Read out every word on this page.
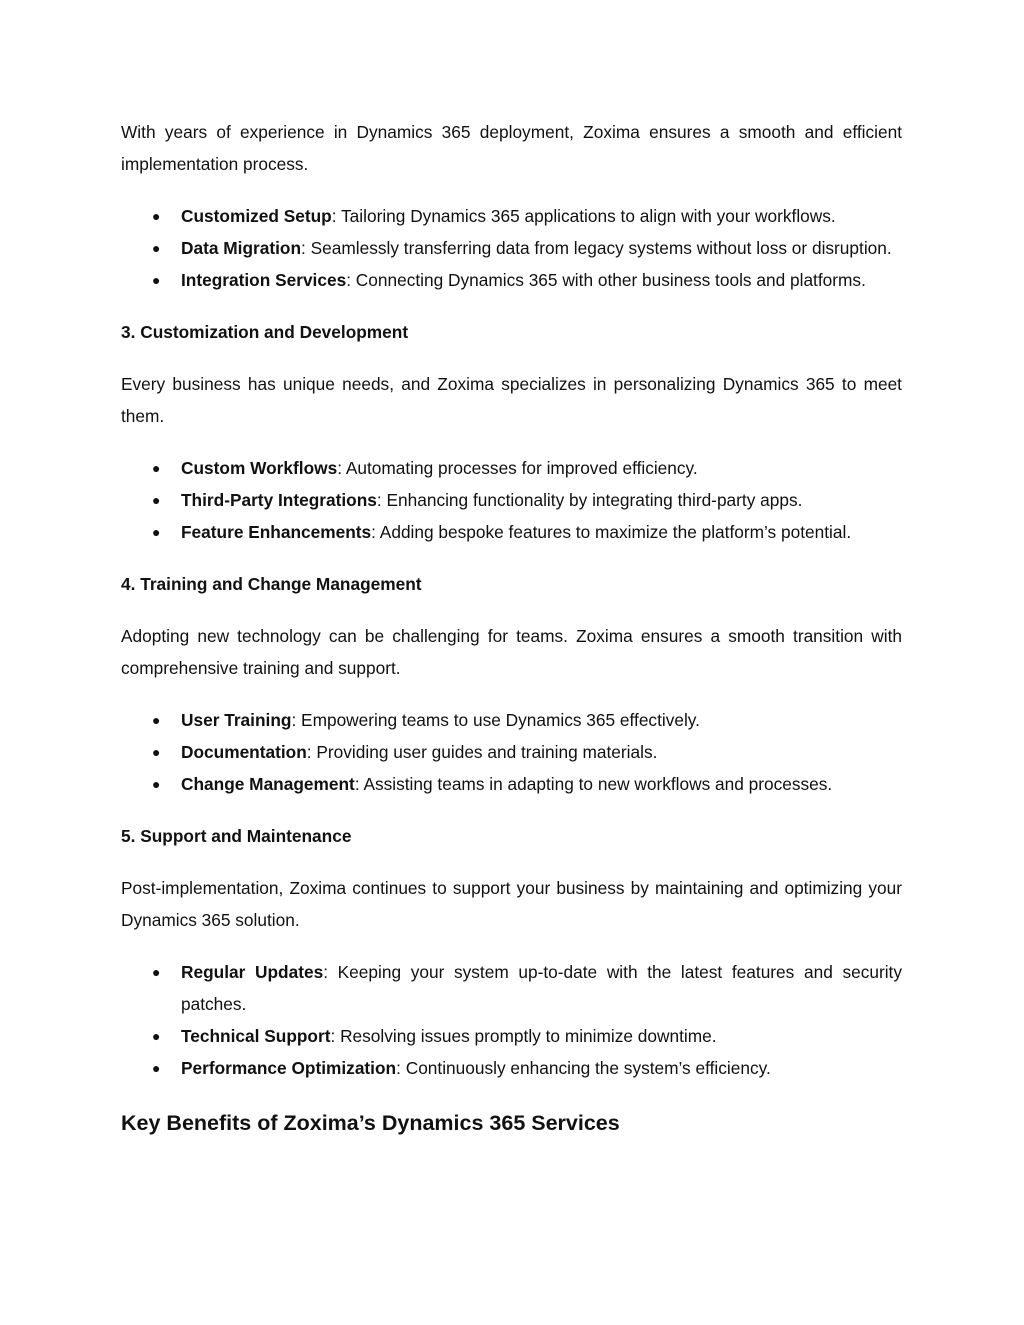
With years of experience in Dynamics 365 deployment, Zoxima ensures a smooth and efficient implementation process.

● Customized Setup: Tailoring Dynamics 365 applications to align with your workflows.
● Data Migration: Seamlessly transferring data from legacy systems without loss or disruption.
● Integration Services: Connecting Dynamics 365 with other business tools and platforms.
3. Customization and Development

Every business has unique needs, and Zoxima specializes in personalizing Dynamics 365 to meet them.

● Custom Workflows: Automating processes for improved efficiency.
● Third-Party Integrations: Enhancing functionality by integrating third-party apps.
● Feature Enhancements: Adding bespoke features to maximize the platform’s potential.
4. Training and Change Management

Adopting new technology can be challenging for teams. Zoxima ensures a smooth transition with comprehensive training and support.

● User Training: Empowering teams to use Dynamics 365 effectively.
● Documentation: Providing user guides and training materials.
● Change Management: Assisting teams in adapting to new workflows and processes.
5. Support and Maintenance

Post-implementation, Zoxima continues to support your business by maintaining and optimizing your Dynamics 365 solution.

● Regular Updates: Keeping your system up-to-date with the latest features and security patches.
● Technical Support: Resolving issues promptly to minimize downtime.
● Performance Optimization: Continuously enhancing the system’s efficiency.
Key Benefits of Zoxima’s Dynamics 365 Services
